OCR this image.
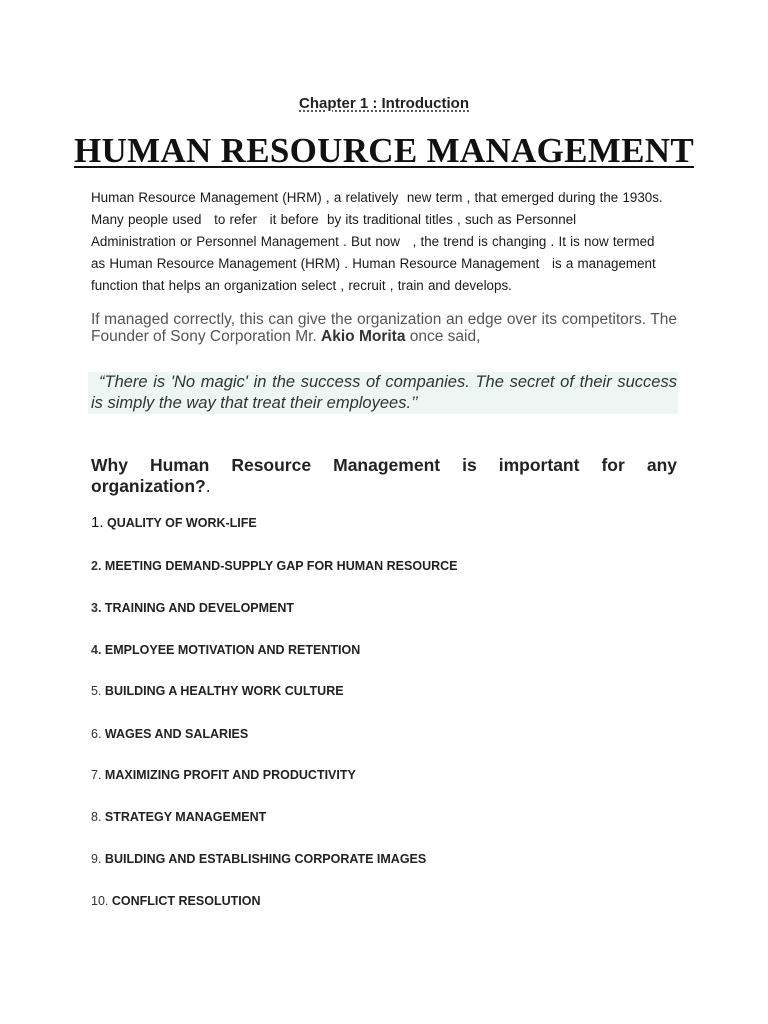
Chapter 1 : Introduction
HUMAN RESOURCE MANAGEMENT
Human Resource Management (HRM) , a relatively  new term , that emerged during the 1930s.
Many people used   to refer   it before  by its traditional titles , such as Personnel
Administration or Personnel Management . But now   , the trend is changing . It is now termed
as Human Resource Management (HRM) . Human Resource Management   is a management
function that helps an organization select , recruit , train and develops.
If managed correctly, this can give the organization an edge over its competitors. The Founder of Sony Corporation Mr. Akio Morita once said,
“There is 'No magic' in the success of companies. The secret of their success is simply the way that treat their employees.’’
Why Human Resource Management is important for any organization?.
1. QUALITY OF WORK-LIFE
2. MEETING DEMAND-SUPPLY GAP FOR HUMAN RESOURCE
3. TRAINING AND DEVELOPMENT
4. EMPLOYEE MOTIVATION AND RETENTION
5. BUILDING A HEALTHY WORK CULTURE
6. WAGES AND SALARIES
7. MAXIMIZING PROFIT AND PRODUCTIVITY
8. STRATEGY MANAGEMENT
9. BUILDING AND ESTABLISHING CORPORATE IMAGES
10. CONFLICT RESOLUTION
